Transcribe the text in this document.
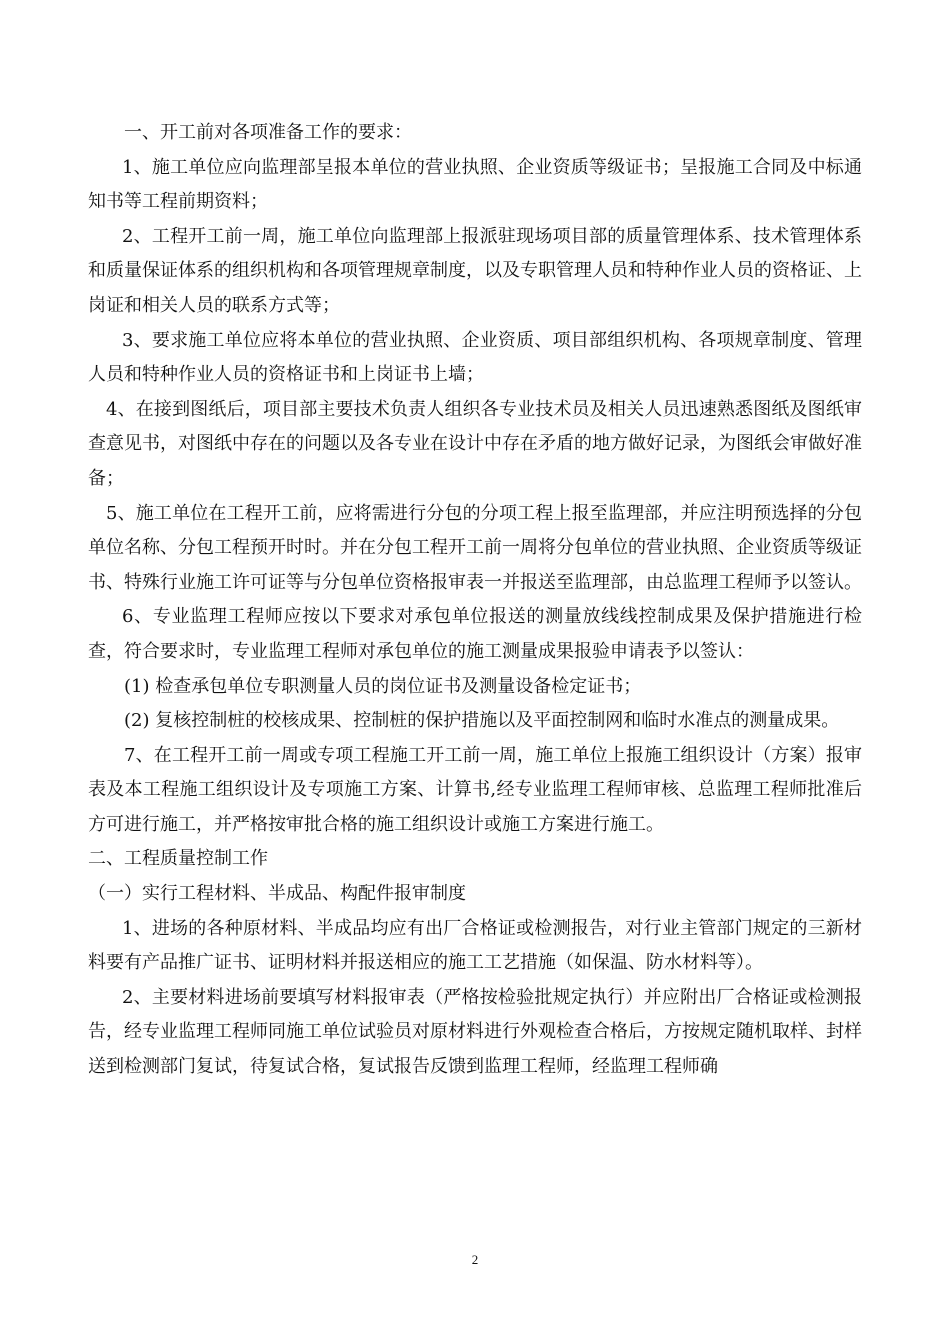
一、开工前对各项准备工作的要求：

1、施工单位应向监理部呈报本单位的营业执照、企业资质等级证书；呈报施工合同及中标通知书等工程前期资料；

2、工程开工前一周，施工单位向监理部上报派驻现场项目部的质量管理体系、技术管理体系和质量保证体系的组织机构和各项管理规章制度，以及专职管理人员和特种作业人员的资格证、上岗证和相关人员的联系方式等；

3、要求施工单位应将本单位的营业执照、企业资质、项目部组织机构、各项规章制度、管理人员和特种作业人员的资格证书和上岗证书上墙；

4、在接到图纸后，项目部主要技术负责人组织各专业技术员及相关人员迅速熟悉图纸及图纸审查意见书，对图纸中存在的问题以及各专业在设计中存在矛盾的地方做好记录，为图纸会审做好准备；

5、施工单位在工程开工前，应将需进行分包的分项工程上报至监理部，并应注明预选择的分包单位名称、分包工程预开时时。并在分包工程开工前一周将分包单位的营业执照、企业资质等级证书、特殊行业施工许可证等与分包单位资格报审表一并报送至监理部，由总监理工程师予以签认。

6、专业监理工程师应按以下要求对承包单位报送的测量放线线控制成果及保护措施进行检查，符合要求时，专业监理工程师对承包单位的施工测量成果报验申请表予以签认：

(1) 检查承包单位专职测量人员的岗位证书及测量设备检定证书；

(2) 复核控制桩的校核成果、控制桩的保护措施以及平面控制网和临时水准点的测量成果。

7、在工程开工前一周或专项工程施工开工前一周，施工单位上报施工组织设计（方案）报审表及本工程施工组织设计及专项施工方案、计算书,经专业监理工程师审核、总监理工程师批准后方可进行施工，并严格按审批合格的施工组织设计或施工方案进行施工。

二、工程质量控制工作

（一）实行工程材料、半成品、构配件报审制度

1、进场的各种原材料、半成品均应有出厂合格证或检测报告，对行业主管部门规定的三新材料要有产品推广证书、证明材料并报送相应的施工工艺措施（如保温、防水材料等）。

2、主要材料进场前要填写材料报审表（严格按检验批规定执行）并应附出厂合格证或检测报告，经专业监理工程师同施工单位试验员对原材料进行外观检查合格后，方按规定随机取样、封样送到检测部门复试，待复试合格，复试报告反馈到监理工程师，经监理工程师确

2
